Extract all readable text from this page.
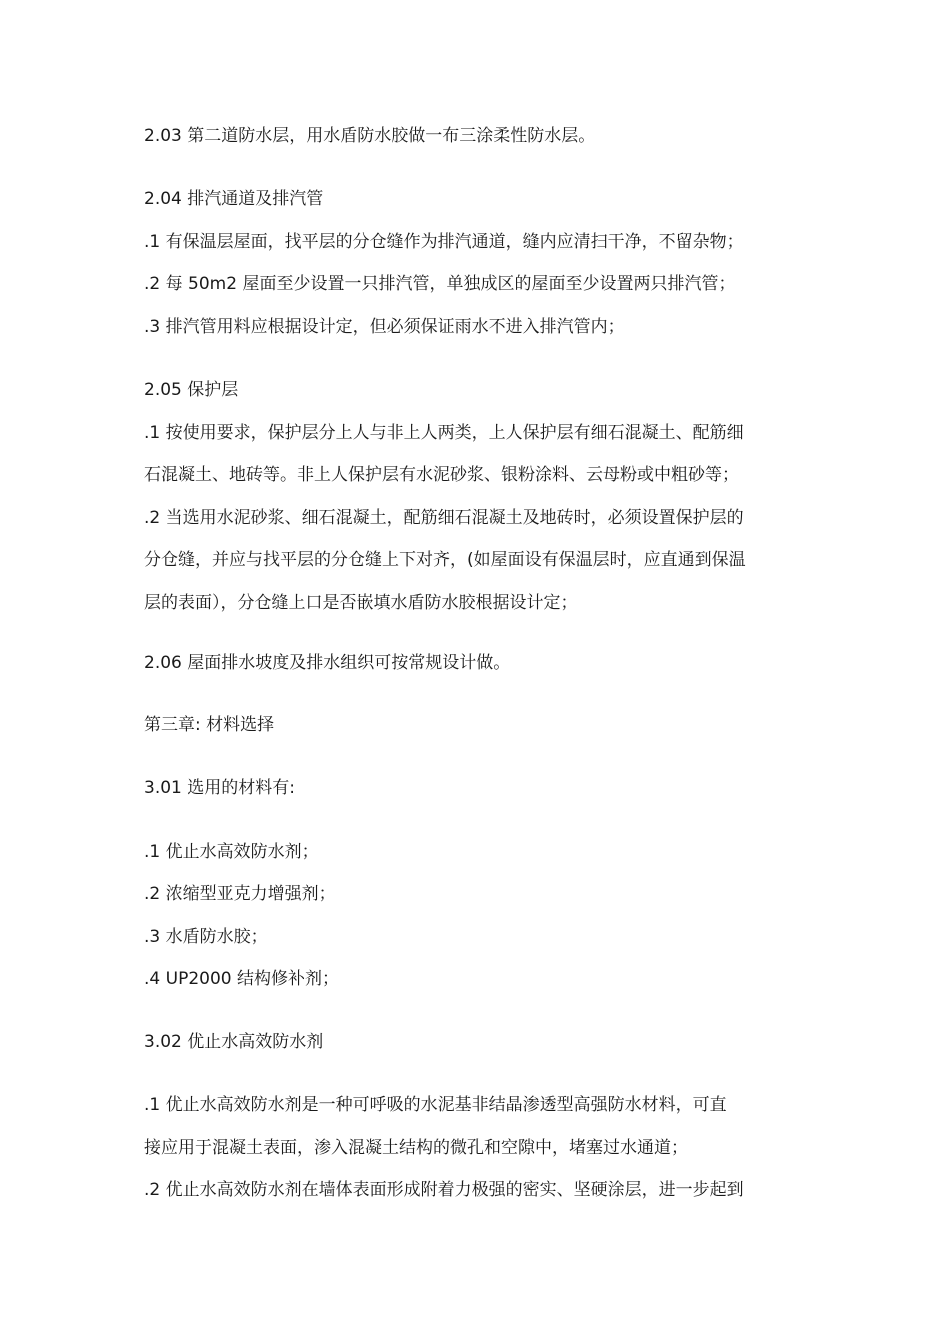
2.03 第二道防水层，用水盾防水胶做一布三涂柔性防水层。
2.04 排汽通道及排汽管
.1 有保温层屋面，找平层的分仓缝作为排汽通道，缝内应清扫干净，不留杂物；
.2 每 50m2 屋面至少设置一只排汽管，单独成区的屋面至少设置两只排汽管；
.3 排汽管用料应根据设计定，但必须保证雨水不进入排汽管内；
2.05 保护层
.1 按使用要求，保护层分上人与非上人两类，上人保护层有细石混凝土、配筋细
石混凝土、地砖等。非上人保护层有水泥砂浆、银粉涂料、云母粉或中粗砂等；
.2 当选用水泥砂浆、细石混凝土，配筋细石混凝土及地砖时，必须设置保护层的
分仓缝，并应与找平层的分仓缝上下对齐，(如屋面设有保温层时，应直通到保温
层的表面），分仓缝上口是否嵌填水盾防水胶根据设计定；
2.06 屋面排水坡度及排水组织可按常规设计做。
第三章: 材料选择
3.01 选用的材料有:
.1 优止水高效防水剂；
.2 浓缩型亚克力增强剂；
.3 水盾防水胶；
.4 UP2000 结构修补剂；
3.02 优止水高效防水剂
.1 优止水高效防水剂是一种可呼吸的水泥基非结晶渗透型高强防水材料，可直
接应用于混凝土表面，渗入混凝土结构的微孔和空隙中，堵塞过水通道；
.2 优止水高效防水剂在墙体表面形成附着力极强的密实、坚硬涂层，进一步起到
